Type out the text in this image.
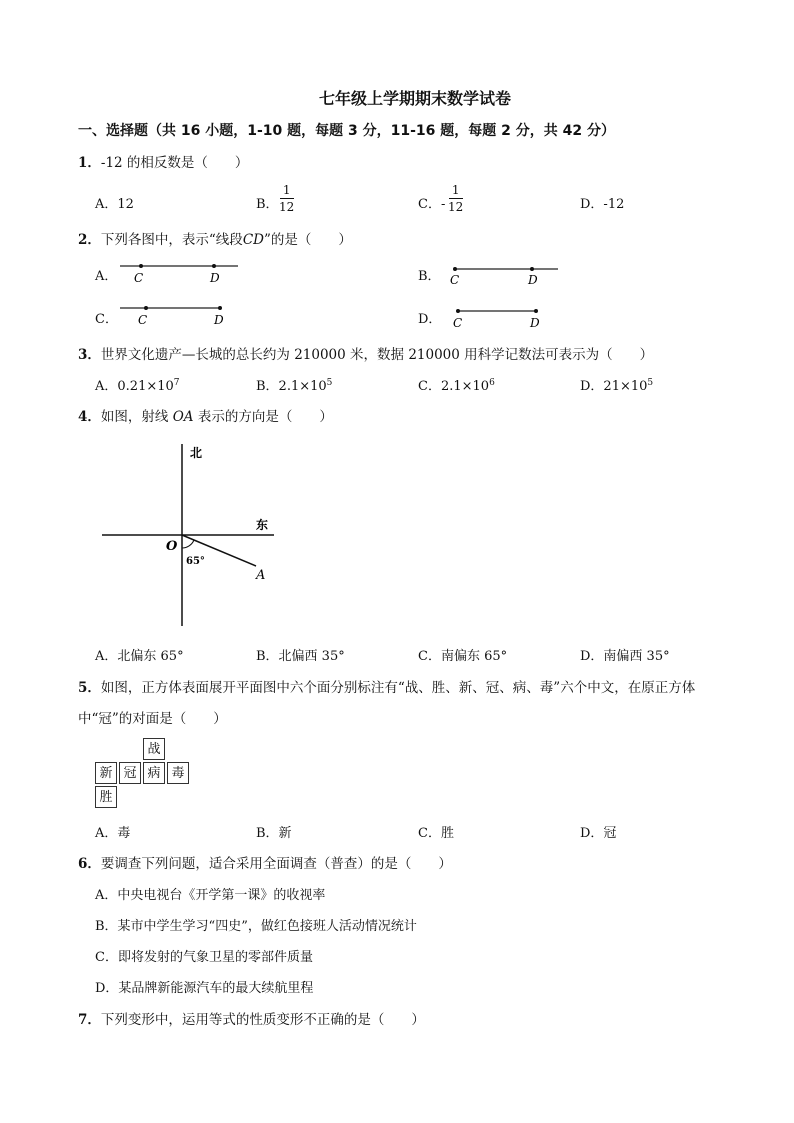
七年级上学期期末数学试卷
一、选择题（共 16 小题，1-10 题，每题 3 分，11-16 题，每题 2 分，共 42 分）
1．-12 的相反数是（　　）
A．12	B．
1
12	C．-
1
12	D．-12
2．下列各图中，表示“线段CD”的是（　　）
A． C	D	B． C	D
C． C	D	D． C	D
3．世界文化遗产—长城的总长约为 210000 米，数据 210000 用科学记数法可表示为（　　）
A．$0.21\times 10^7$	B．$2.1\times 10^5$	C．$2.1\times 10^6$	D．$21\times 10^5$
4．如图，射线 OA 表示的方向是（　　）
北
东
O
A
65°
A．北偏东 65°	B．北偏西 35°	C．南偏东 65°	D．南偏西 35°
5．如图，正方体表面展开平面图中六个面分别标注有“战、胜、新、冠、病、毒”六个中文，在原正方体
中“冠”的对面是（　　）
战
新 冠 病 毒
胜
A．毒	B．新	C．胜	D．冠
6．要调查下列问题，适合采用全面调查（普查）的是（　　）
A．中央电视台《开学第一课》的收视率
B．某市中学生学习“四史”，做红色接班人活动情况统计
C．即将发射的气象卫星的零部件质量
D．某品牌新能源汽车的最大续航里程
7．下列变形中，运用等式的性质变形不正确的是（　　）
